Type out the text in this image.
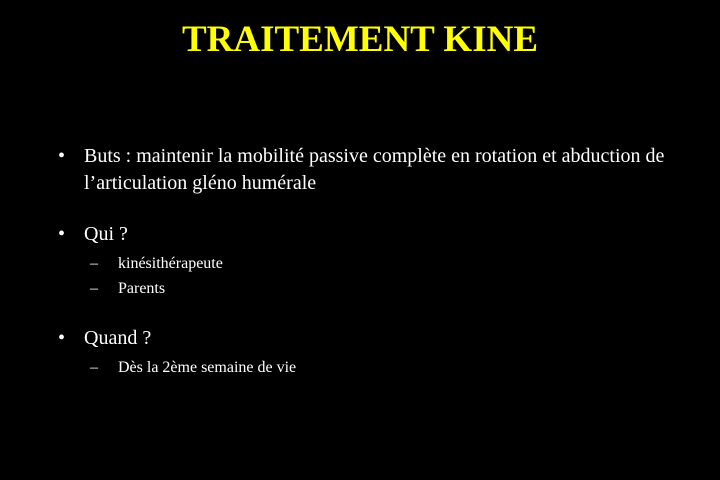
TRAITEMENT KINE
• Buts : maintenir la mobilité passive complète en rotation et abduction de l’articulation gléno humérale
• Qui ?
– kinésithérapeute
– Parents
• Quand ?
– Dès la 2ème semaine de vie
